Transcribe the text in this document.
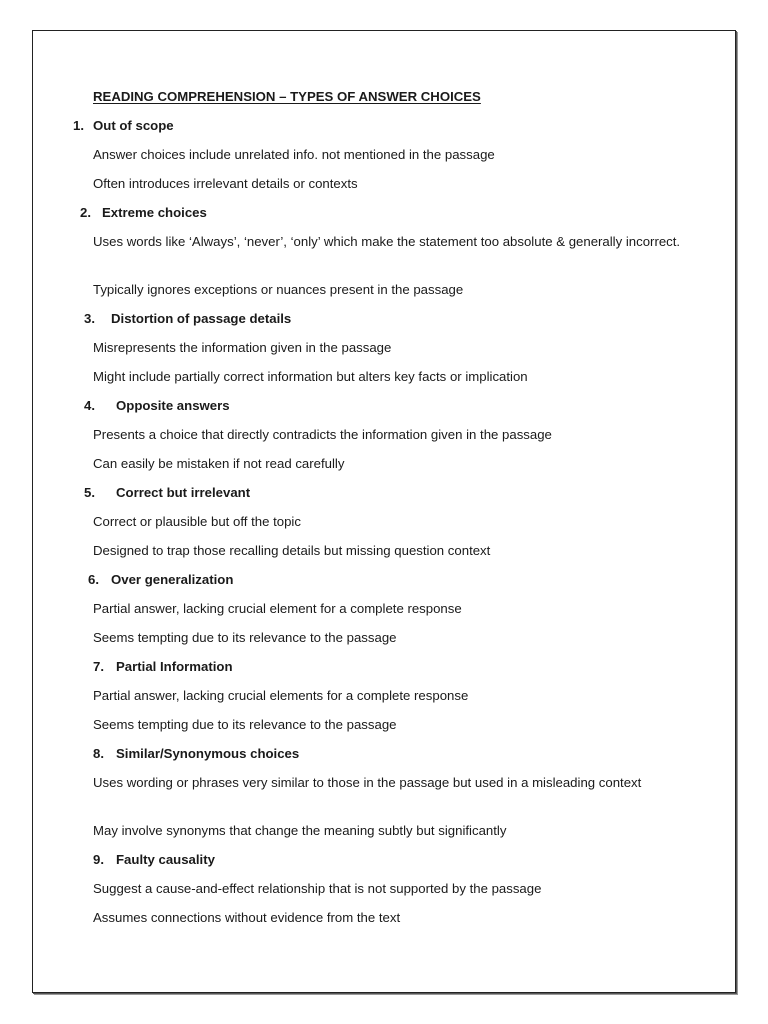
READING COMPREHENSION – TYPES OF ANSWER CHOICES
1. Out of scope
Answer choices include unrelated info. not mentioned in the passage
Often introduces irrelevant details or contexts
2. Extreme choices
Uses words like ‘Always’, ‘never’, ‘only’ which make the statement too absolute & generally incorrect.
Typically ignores exceptions or nuances present in the passage
3. Distortion of passage details
Misrepresents the information given in the passage
Might include partially correct information but alters key facts or implication
4. Opposite answers
Presents a choice that directly contradicts the information given in the passage
Can easily be mistaken if not read carefully
5. Correct but irrelevant
Correct or plausible but off the topic
Designed to trap those recalling details but missing question context
6. Over generalization
Partial answer, lacking crucial element for a complete response
Seems tempting due to its relevance to the passage
7. Partial Information
Partial answer, lacking crucial elements for a complete response
Seems tempting due to its relevance to the passage
8. Similar/Synonymous choices
Uses wording or phrases very similar to those in the passage but used in a misleading context
May involve synonyms that change the meaning subtly but significantly
9. Faulty causality
Suggest a cause-and-effect relationship that is not supported by the passage
Assumes connections without evidence from the text
